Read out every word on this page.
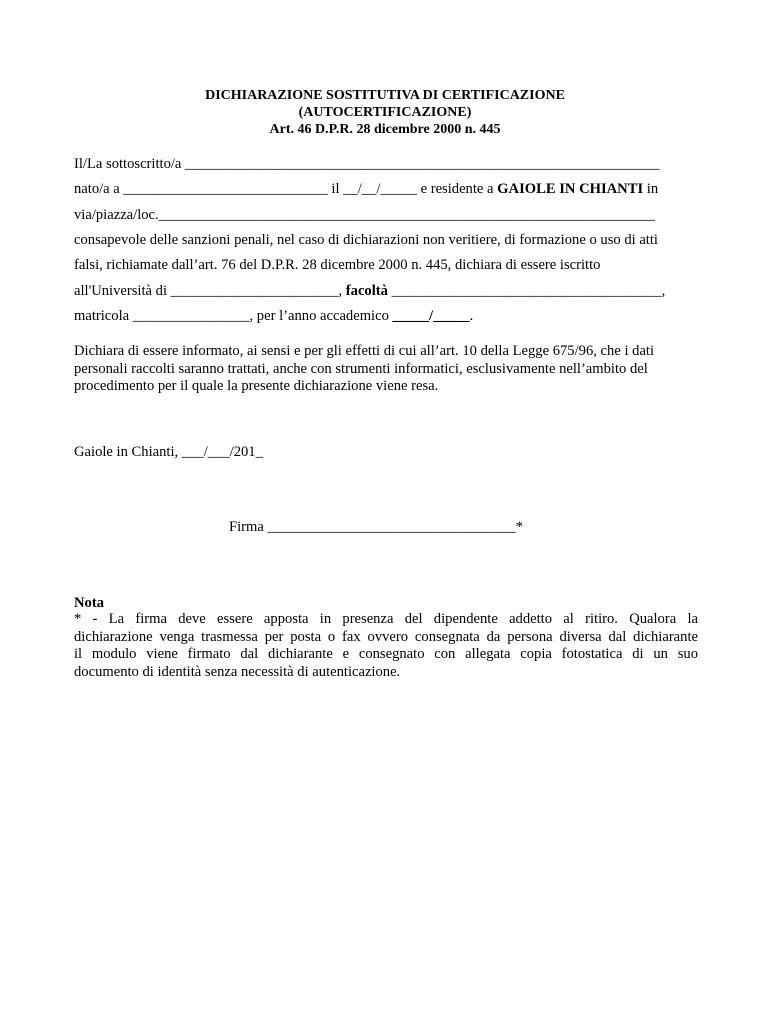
DICHIARAZIONE SOSTITUTIVA DI CERTIFICAZIONE
(AUTOCERTIFICAZIONE)
Art. 46 D.P.R. 28 dicembre 2000 n. 445
Il/La sottoscritto/a _________________________________________________________________
nato/a a ____________________________ il __/__/_____ e residente a GAIOLE IN CHIANTI in
via/piazza/loc.____________________________________________________________________
consapevole delle sanzioni penali, nel caso di dichiarazioni non veritiere, di formazione o uso di atti
falsi, richiamate dall’art. 76 del D.P.R. 28 dicembre 2000 n. 445, dichiara di essere iscritto
all'Università di _______________________, facoltà _____________________________________,
matricola ________________, per l’anno accademico _____/_____.
Dichiara di essere informato, ai sensi e per gli effetti di cui all’art. 10 della Legge 675/96, che i dati
personali raccolti saranno trattati, anche con strumenti informatici, esclusivamente nell’ambito del
procedimento per il quale la presente dichiarazione viene resa.
Gaiole in Chianti, ___/___/201_
Firma __________________________________*
Nota
* - La firma deve essere apposta in presenza del dipendente addetto al ritiro. Qualora la
dichiarazione venga trasmessa per posta o fax ovvero consegnata da persona diversa dal dichiarante
il modulo viene firmato dal dichiarante e consegnato con allegata copia fotostatica di un suo
documento di identità senza necessità di autenticazione.
